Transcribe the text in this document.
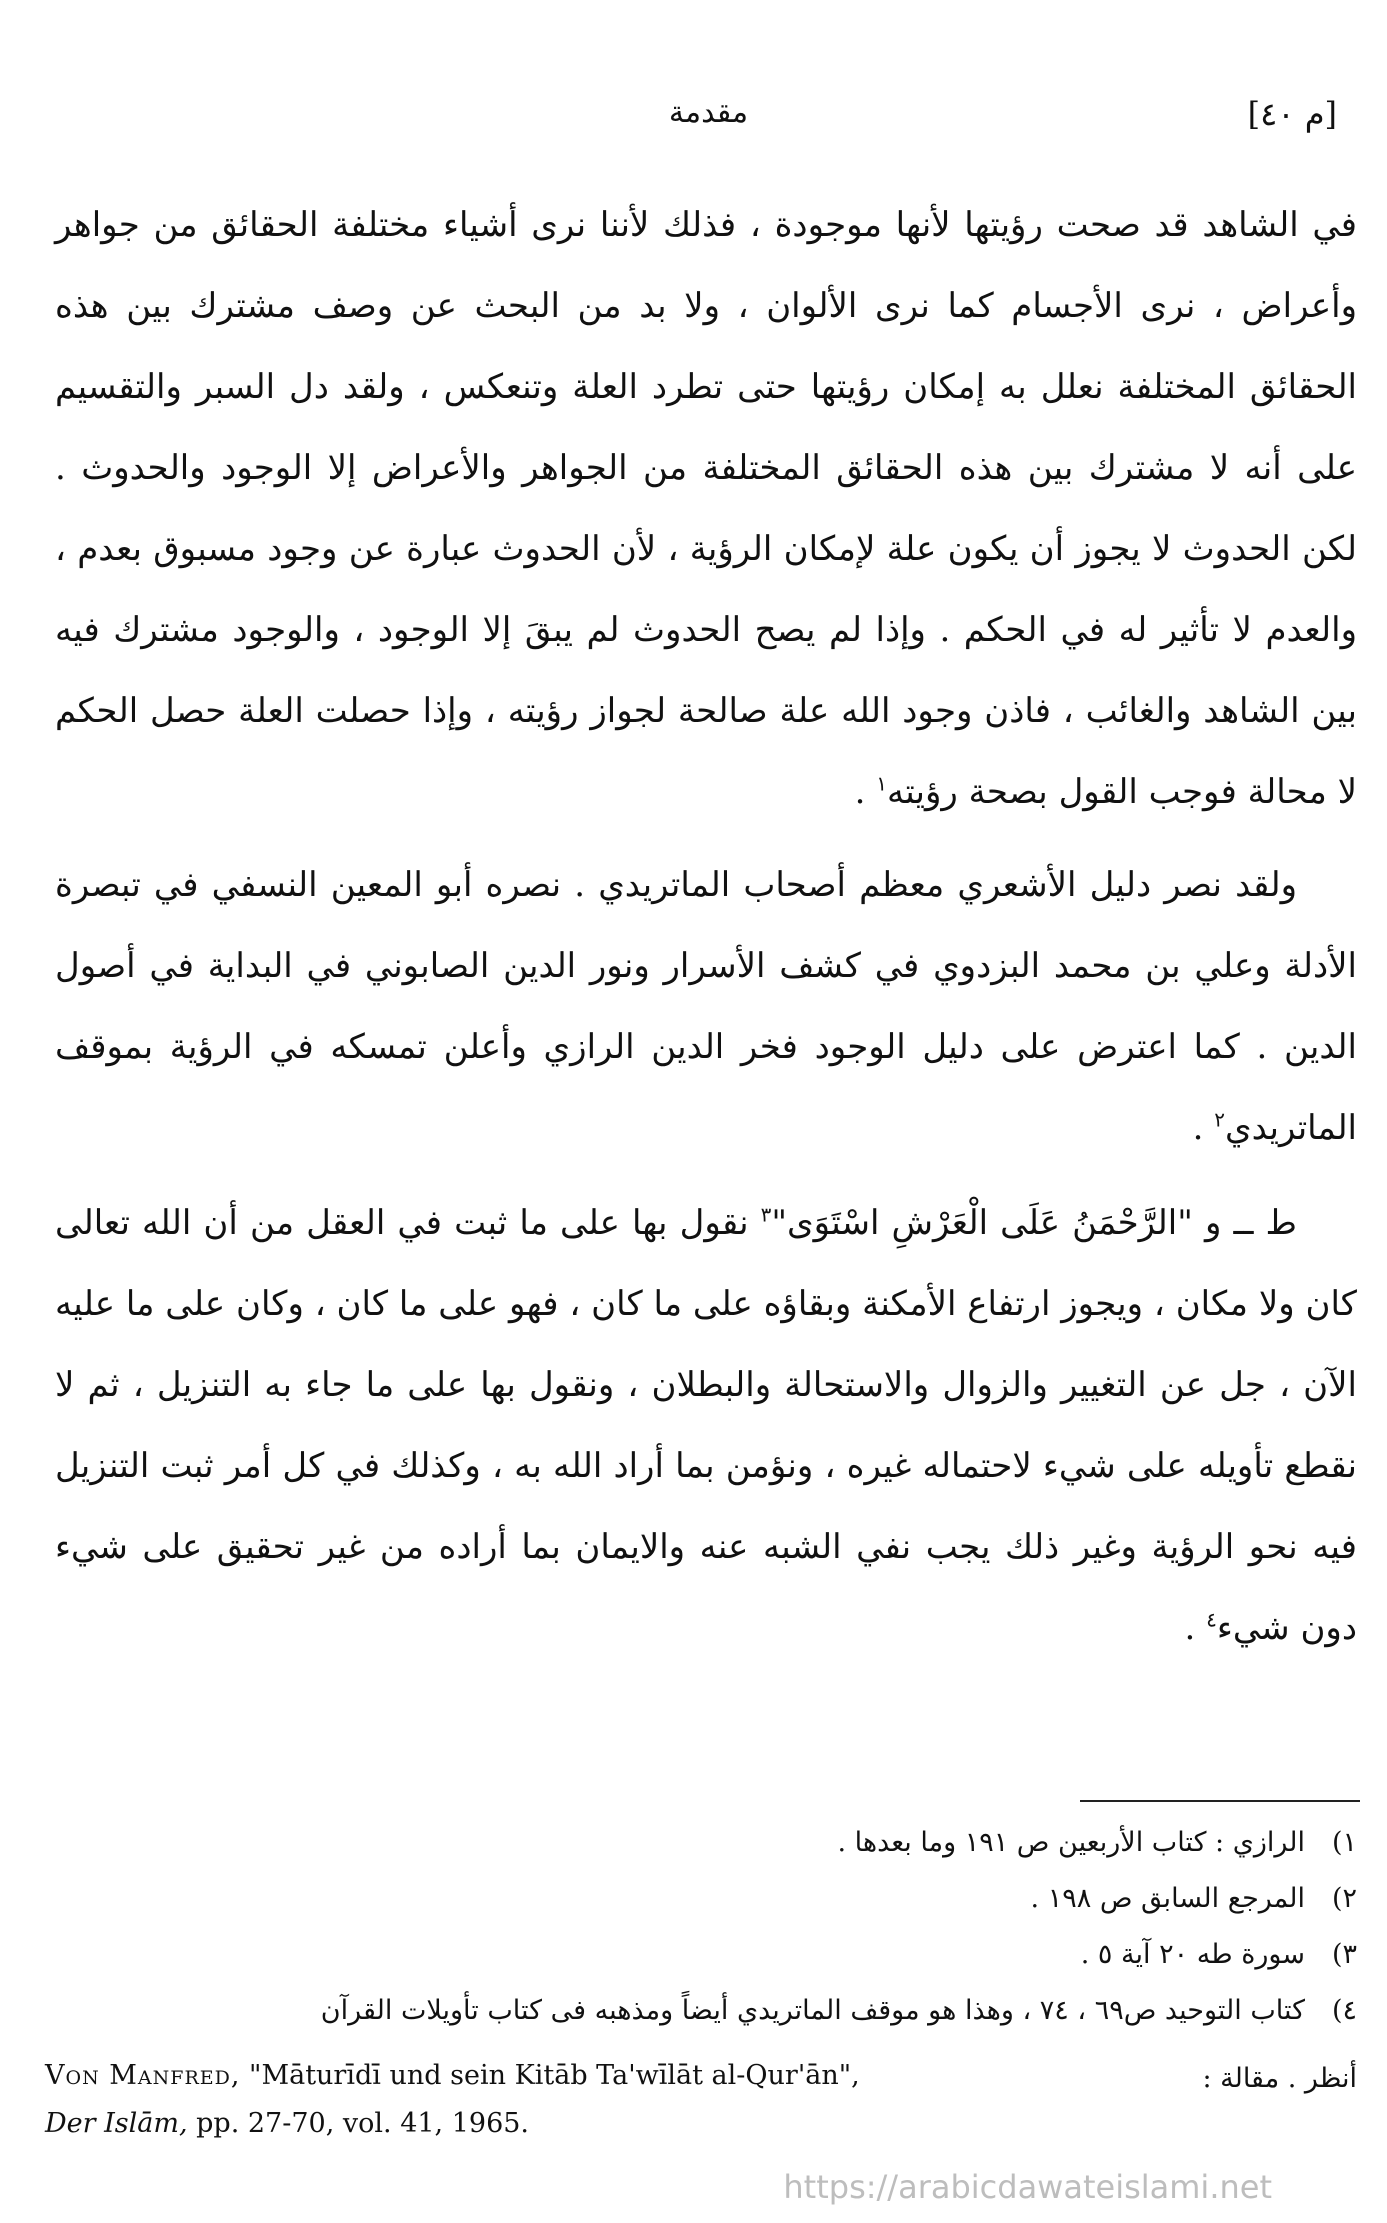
مقدمة	[م ٤٠]

في الشاهد قد صحت رؤيتها لأنها موجودة ، فذلك لأننا نرى أشياء مختلفة الحقائق من جواهر وأعراض ، نرى الأجسام كما نرى الألوان ، ولا بد من البحث عن وصف مشترك بين هذه الحقائق المختلفة نعلل به إمكان رؤيتها حتى تطرد العلة وتنعكس ، ولقد دل السبر والتقسيم على أنه لا مشترك بين هذه الحقائق المختلفة من الجواهر والأعراض إلا الوجود والحدوث . لكن الحدوث لا يجوز أن يكون علة لإمكان الرؤية ، لأن الحدوث عبارة عن وجود مسبوق بعدم ، والعدم لا تأثير له في الحكم . وإذا لم يصح الحدوث لم يبقَ إلا الوجود ، والوجود مشترك فيه بين الشاهد والغائب ، فاذن وجود الله علة صالحة لجواز رؤيته ، وإذا حصلت العلة حصل الحكم لا محالة فوجب القول بصحة رؤيته$^١$ .

ولقد نصر دليل الأشعري معظم أصحاب الماتريدي . نصره أبو المعين النسفي في تبصرة الأدلة وعلي بن محمد البزدوي في كشف الأسرار ونور الدين الصابوني في البداية في أصول الدين . كما اعترض على دليل الوجود فخر الدين الرازي وأعلن تمسكه في الرؤية بموقف الماتريدي$^٢$ .

ط ــ و "الرَّحْمَنُ عَلَى الْعَرْشِ اسْتَوَى"$^٣$ نقول بها على ما ثبت في العقل من أن الله تعالى كان ولا مكان ، ويجوز ارتفاع الأمكنة وبقاؤه على ما كان ، فهو على ما كان ، وكان على ما عليه الآن ، جل عن التغيير والزوال والاستحالة والبطلان ، ونقول بها على ما جاء به التنزيل ، ثم لا نقطع تأويله على شيء لاحتماله غيره ، ونؤمن بما أراد الله به ، وكذلك في كل أمر ثبت التنزيل فيه نحو الرؤية وغير ذلك يجب نفي الشبه عنه والايمان بما أراده من غير تحقيق على شيء دون شيء$^٤$ .

١)الرازي : كتاب الأربعين ص ١٩١ وما بعدها .

٢)المرجع السابق ص ١٩٨ .

٣)سورة طه ٢٠ آية ٥ .

٤)كتاب التوحيد ص٦٩ ، ٧٤ ، وهذا هو موقف الماتريدي أيضاً ومذهبه فى كتاب تأويلات القرآن

Von Manfred, "Māturīdī und sein Kitāb Ta'wīlāt al-Qur'ān",	أنظر . مقالة :
Der Islām, pp. 27-70, vol. 41, 1965.
https://arabicdawateislami.net
